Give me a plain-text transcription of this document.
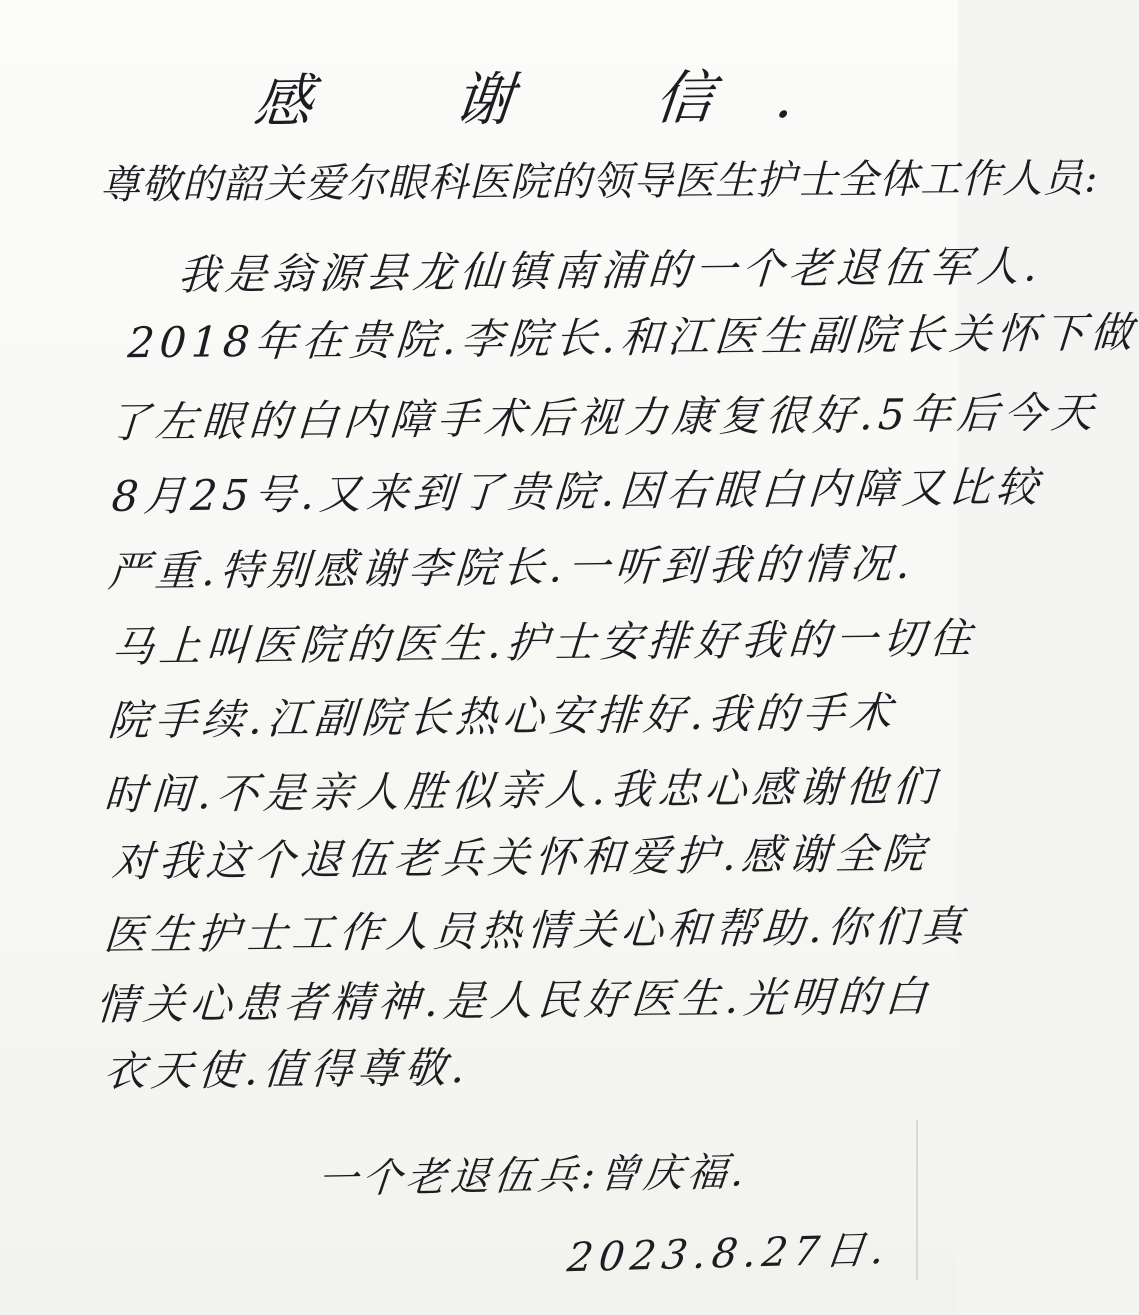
感 谢 信.
尊敬的韶关爱尔眼科医院的领导医生护士全体工作人员:
我是翁源县龙仙镇南浦的一个老退伍军人.
2018年在贵院.李院长.和江医生副院长关怀下做
了左眼的白内障手术后视力康复很好.5年后今天
8月25号.又来到了贵院.因右眼白内障又比较
严重.特别感谢李院长.一听到我的情况.
马上叫医院的医生.护士安排好我的一切住
院手续.江副院长热心安排好.我的手术
时间.不是亲人胜似亲人.我忠心感谢他们
对我这个退伍老兵关怀和爱护.感谢全院
医生护士工作人员热情关心和帮助.你们真
情关心患者精神.是人民好医生.光明的白
衣天使.值得尊敬.
一个老退伍兵:曾庆福.
2023.8.27日.
